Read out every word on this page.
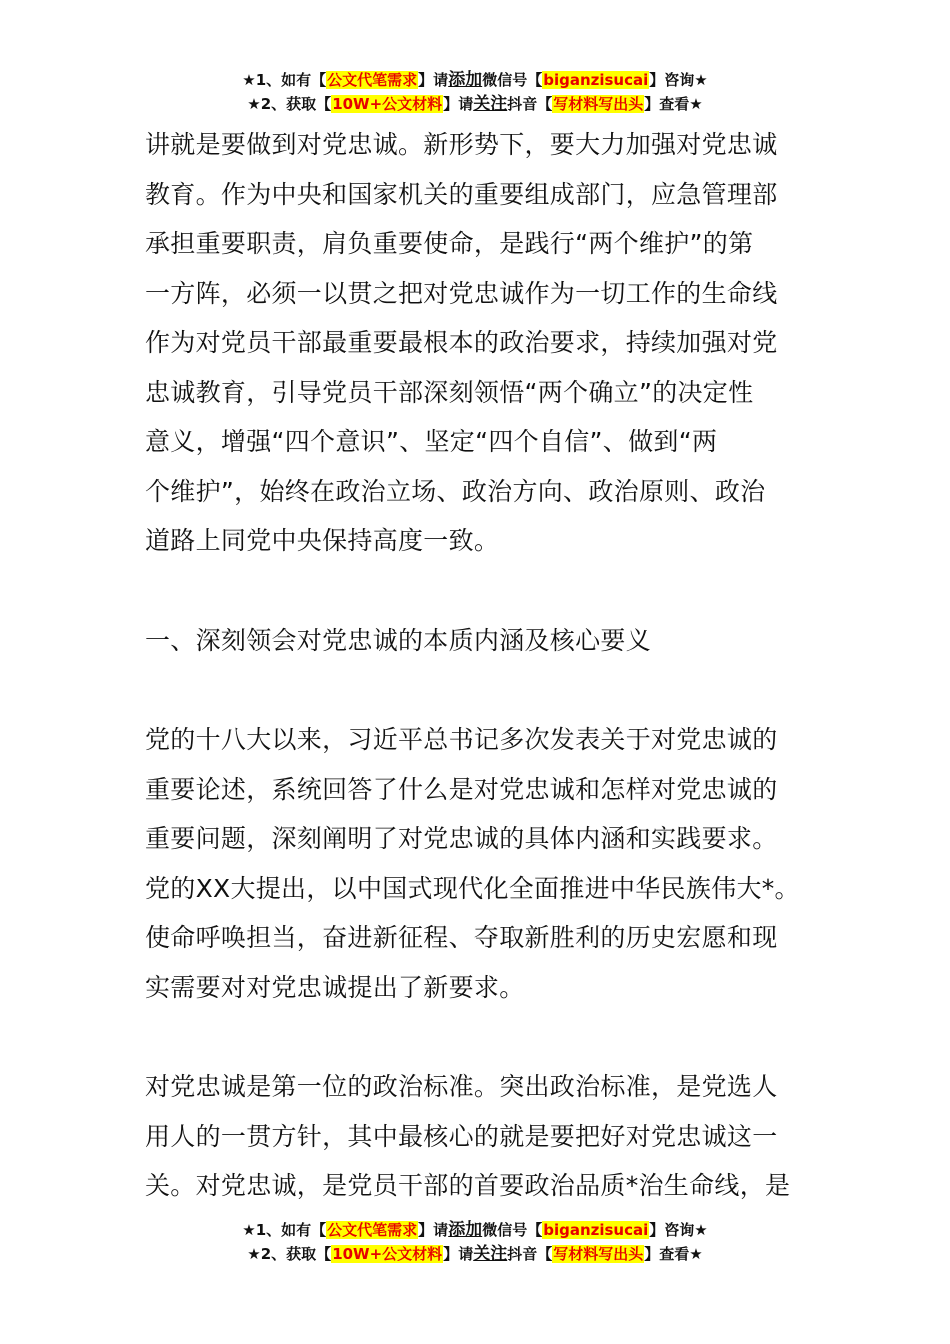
★1、如有【公文代笔需求】请添加微信号【biganzisucai】咨询★
★2、获取【10W+公文材料】请关注抖音【写材料写出头】查看★
讲就是要做到对党忠诚。新形势下，要大力加强对党忠诚
教育。作为中央和国家机关的重要组成部门，应急管理部
承担重要职责，肩负重要使命，是践行“两个维护”的第
一方阵，必须一以贯之把对党忠诚作为一切工作的生命线
作为对党员干部最重要最根本的政治要求，持续加强对党
忠诚教育，引导党员干部深刻领悟“两个确立”的决定性
意义，增强“四个意识”、坚定“四个自信”、做到“两
个维护”，始终在政治立场、政治方向、政治原则、政治
道路上同党中央保持高度一致。
一、深刻领会对党忠诚的本质内涵及核心要义
党的十八大以来，习近平总书记多次发表关于对党忠诚的
重要论述，系统回答了什么是对党忠诚和怎样对党忠诚的
重要问题，深刻阐明了对党忠诚的具体内涵和实践要求。
党的XX大提出，以中国式现代化全面推进中华民族伟大*。
使命呼唤担当，奋进新征程、夺取新胜利的历史宏愿和现
实需要对对党忠诚提出了新要求。
对党忠诚是第一位的政治标准。突出政治标准，是党选人
用人的一贯方针，其中最核心的就是要把好对党忠诚这一
关。对党忠诚，是党员干部的首要政治品质*治生命线，是
★1、如有【公文代笔需求】请添加微信号【biganzisucai】咨询★
★2、获取【10W+公文材料】请关注抖音【写材料写出头】查看★
